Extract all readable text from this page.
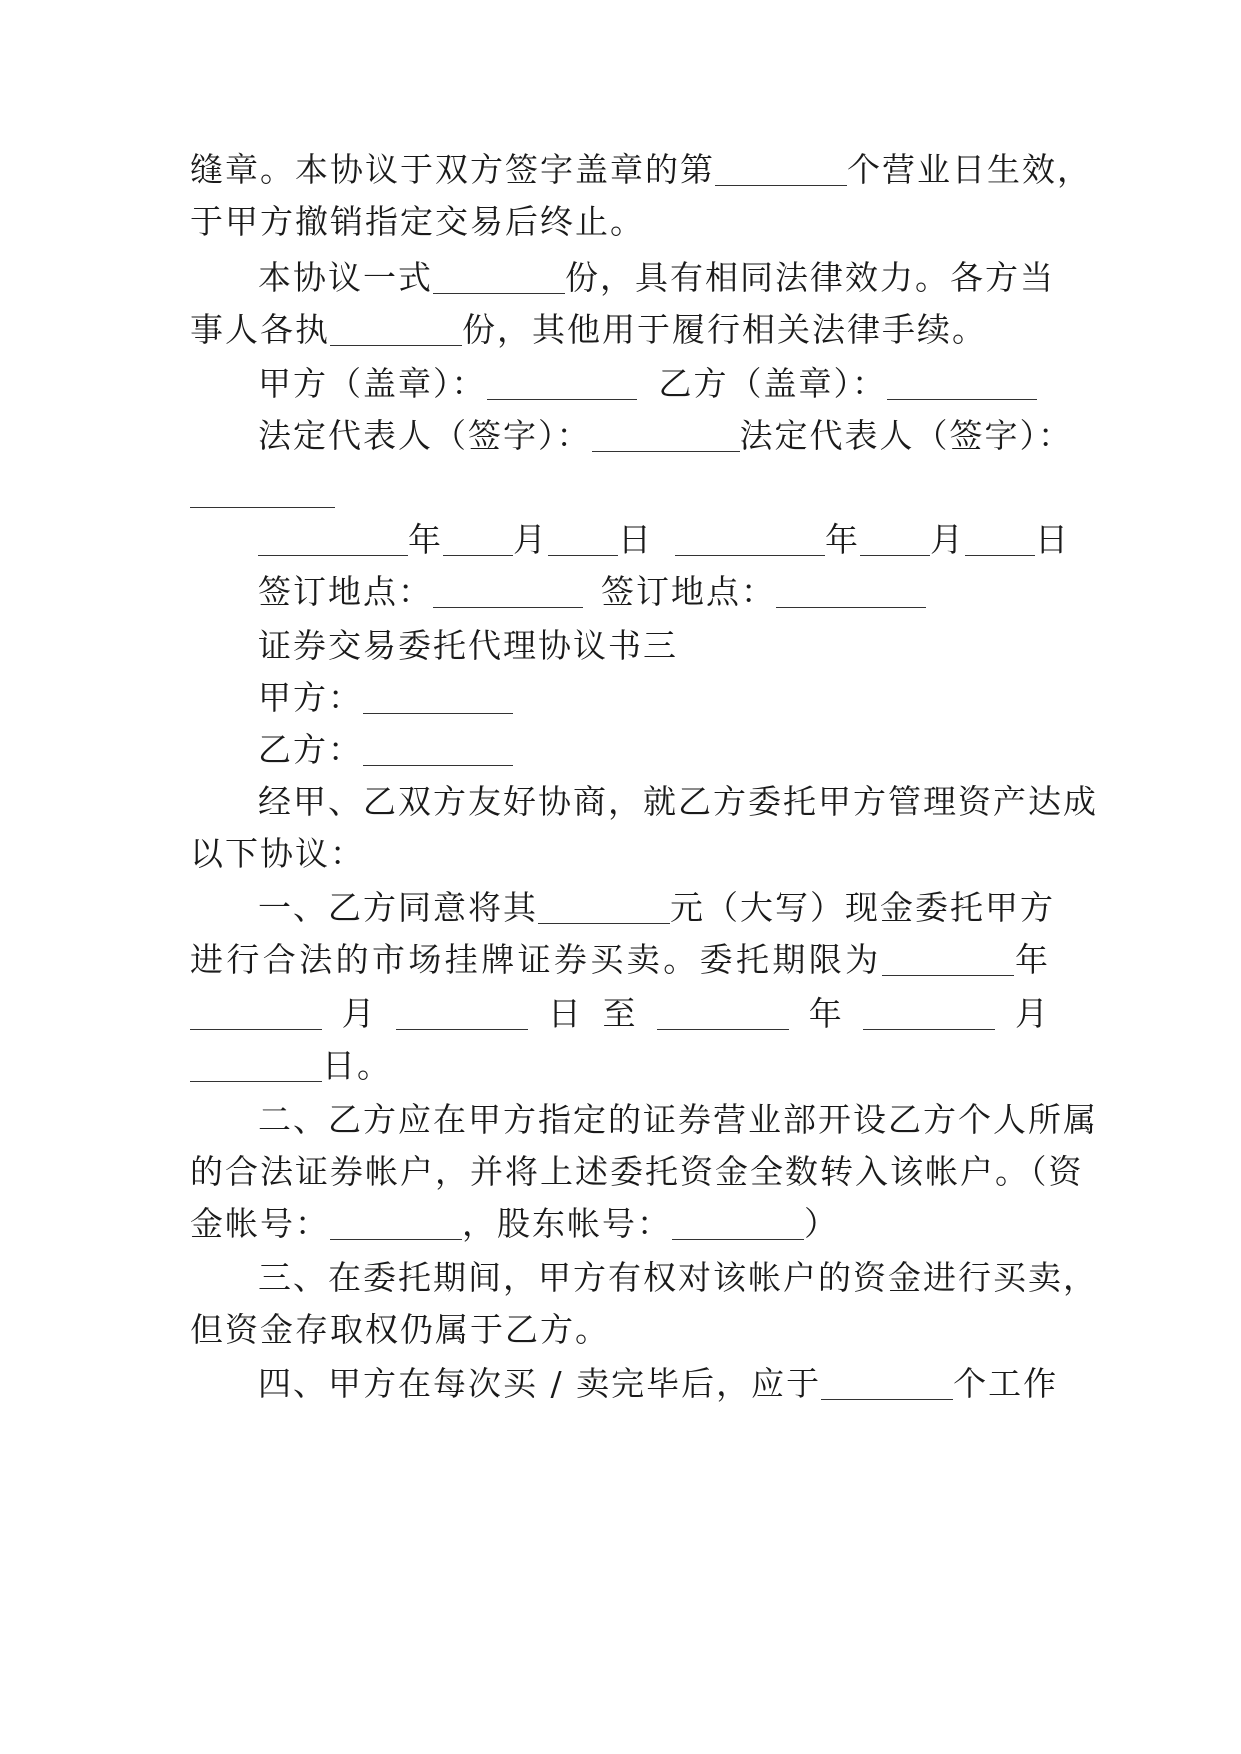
缝章。本协议于双方签字盖章的第	个营业日生效，
于甲方撤销指定交易后终止。
本协议一式	份，具有相同法律效力。各方当
事人各执	份，其他用于履行相关法律手续。
甲方（盖章）：	乙方（盖章）：
法定代表人（签字）：	法定代表人（签字）：
年 月 日	年 月 日
签订地点：	签订地点：
证券交易委托代理协议书三
甲方：
乙方：
经甲、乙双方友好协商，就乙方委托甲方管理资产达成
以下协议：
一、乙方同意将其	元（大写）现金委托甲方
进行合法的市场挂牌证券买卖。委托期限为	年
月	日至	年	月
日。
二、乙方应在甲方指定的证券营业部开设乙方个人所属
的合法证券帐户，并将上述委托资金全数转入该帐户。（资
金帐号：	，股东帐号：	）
三、在委托期间，甲方有权对该帐户的资金进行买卖，
但资金存取权仍属于乙方。
四、甲方在每次买 / 卖完毕后，应于	个工作
